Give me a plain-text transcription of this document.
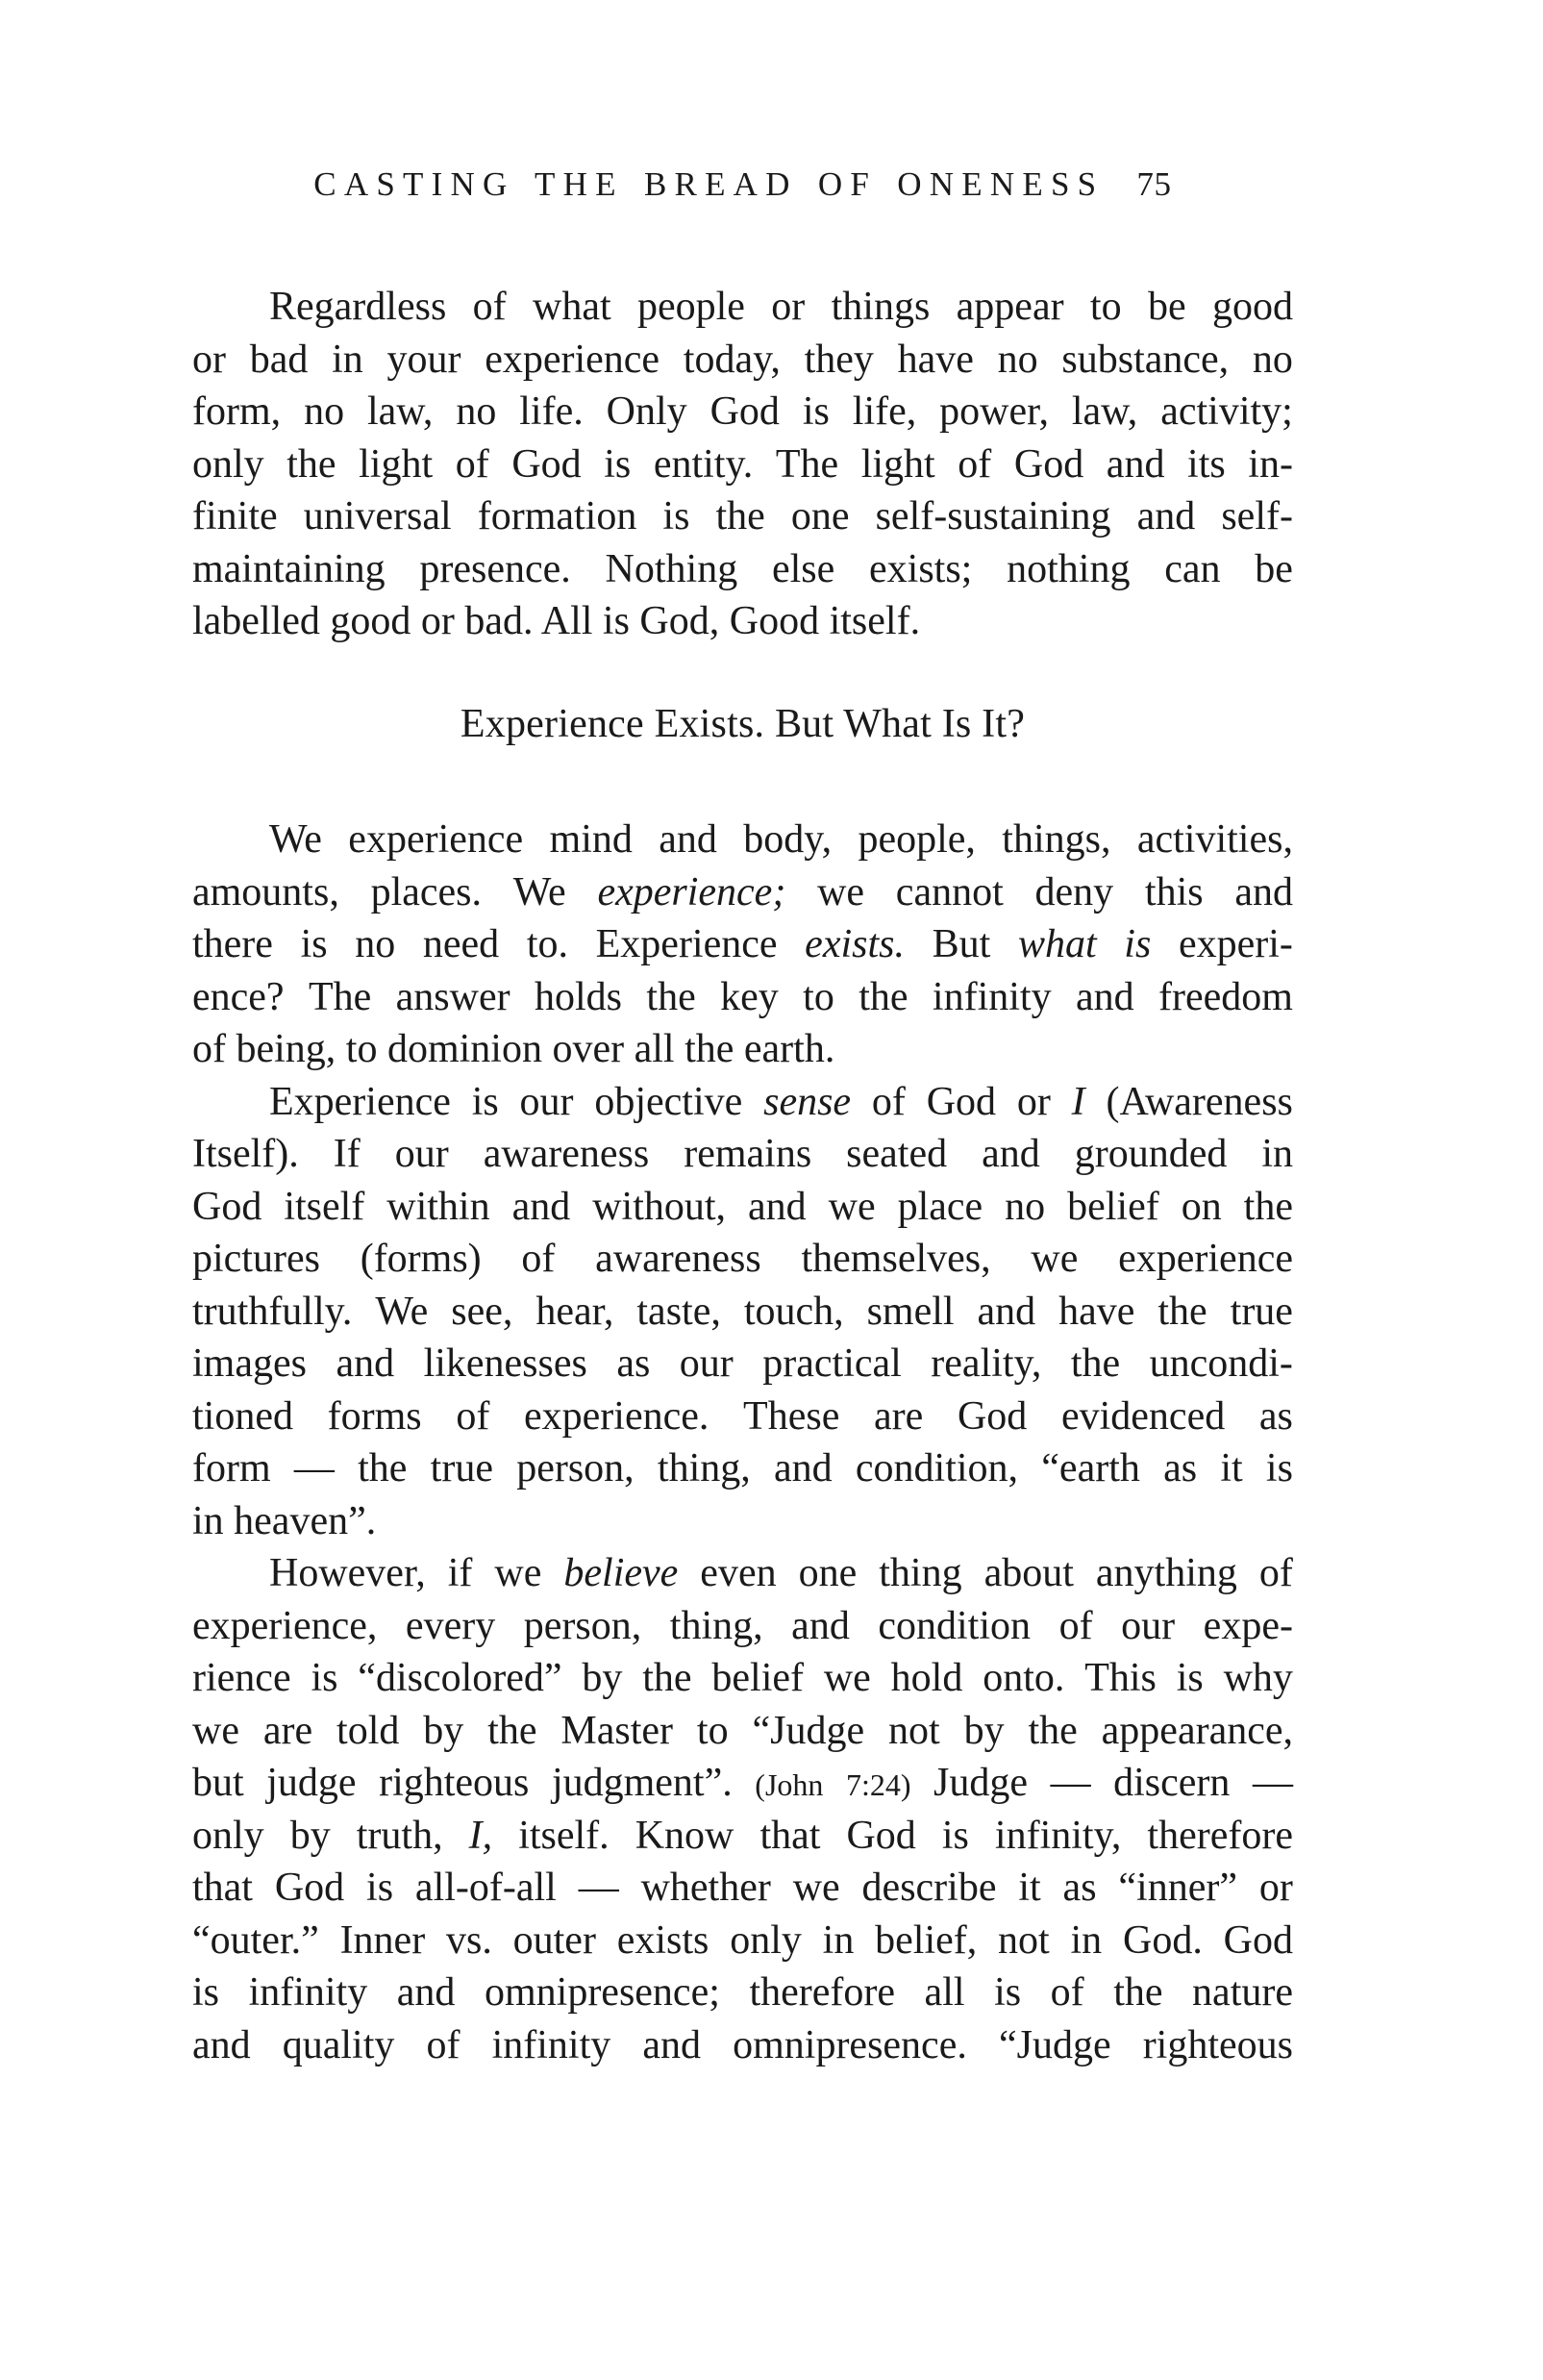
CASTING THE BREAD OF ONENESS 75
Regardless of what people or things appear to be good
or bad in your experience today, they have no substance, no
form, no law, no life. Only God is life, power, law, activity;
only the light of God is entity. The light of God and its in-
finite universal formation is the one self-sustaining and self-
maintaining presence. Nothing else exists; nothing can be
labelled good or bad. All is God, Good itself.
Experience Exists. But What Is It?
We experience mind and body, people, things, activities,
amounts, places. We experience; we cannot deny this and
there is no need to. Experience exists. But what is experi-
ence? The answer holds the key to the infinity and freedom
of being, to dominion over all the earth.
Experience is our objective sense of God or I (Awareness
Itself). If our awareness remains seated and grounded in
God itself within and without, and we place no belief on the
pictures (forms) of awareness themselves, we experience
truthfully. We see, hear, taste, touch, smell and have the true
images and likenesses as our practical reality, the uncondi-
tioned forms of experience. These are God evidenced as
form — the true person, thing, and condition, “earth as it is
in heaven”.
However, if we believe even one thing about anything of
experience, every person, thing, and condition of our expe-
rience is “discolored” by the belief we hold onto. This is why
we are told by the Master to “Judge not by the appearance,
but judge righteous judgment”. (John 7:24) Judge — discern —
only by truth, I, itself. Know that God is infinity, therefore
that God is all-of-all — whether we describe it as “inner” or
“outer.” Inner vs. outer exists only in belief, not in God. God
is infinity and omnipresence; therefore all is of the nature
and quality of infinity and omnipresence. “Judge righteous
